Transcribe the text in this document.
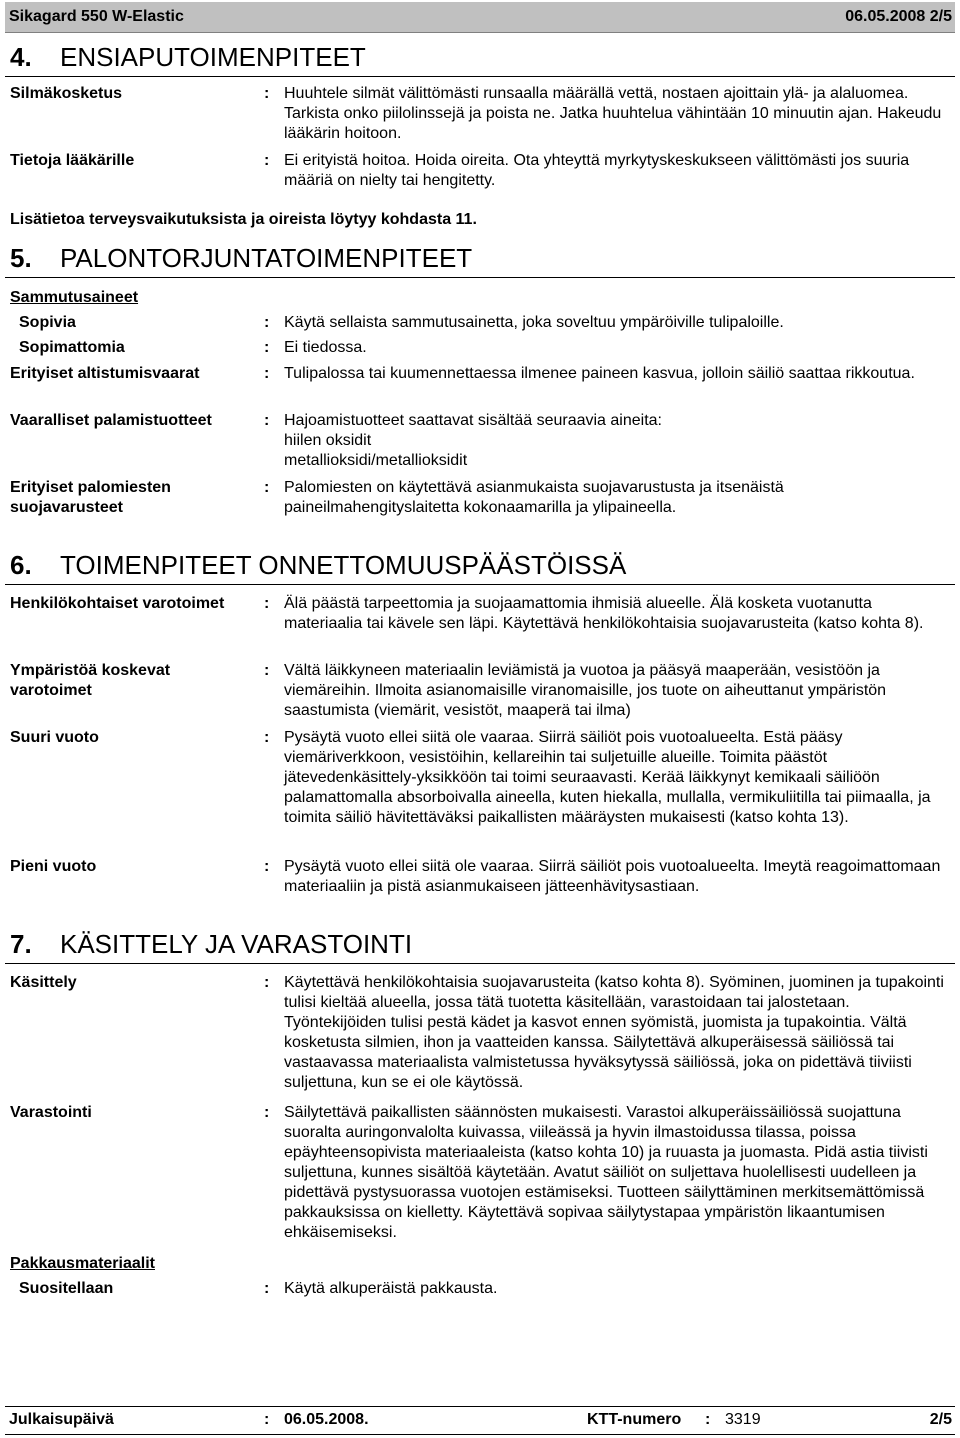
Sikagard 550 W-Elastic	06.05.2008 2/5
4. ENSIAPUTOIMENPITEET
Silmäkosketus	: Huuhtele silmät välittömästi runsaalla määrällä vettä, nostaen ajoittain ylä- ja alaluomea. Tarkista onko piilolinssejä ja poista ne. Jatka huuhtelua vähintään 10 minuutin ajan. Hakeudu lääkärin hoitoon.
Tietoja lääkärille	: Ei erityistä hoitoa. Hoida oireita. Ota yhteyttä myrkytyskeskukseen välittömästi jos suuria määriä on nielty tai hengitetty.
Lisätietoa terveysvaikutuksista ja oireista löytyy kohdasta 11.
5. PALONTORJUNTATOIMENPITEET
Sammutusaineet
Sopivia	: Käytä sellaista sammutusainetta, joka soveltuu ympäröiville tulipaloille.
Sopimattomia	: Ei tiedossa.
Erityiset altistumisvaarat	: Tulipalossa tai kuumennettaessa ilmenee paineen kasvua, jolloin säiliö saattaa rikkoutua.
Vaaralliset palamistuotteet	: Hajoamistuotteet saattavat sisältää seuraavia aineita:
hiilen oksidit
metallioksidi/metallioksidit
Erityiset palomiesten
suojavarusteet
: Palomiesten on käytettävä asianmukaista suojavarustusta ja itsenäistä paineilmahengityslaitetta kokonaamarilla ja ylipaineella.
6. TOIMENPITEET ONNETTOMUUSPÄÄSTÖISSÄ
Henkilökohtaiset varotoimet	: Älä päästä tarpeettomia ja suojaamattomia ihmisiä alueelle. Älä kosketa vuotanutta materiaalia tai kävele sen läpi. Käytettävä henkilökohtaisia suojavarusteita (katso kohta 8).
Ympäristöä koskevat
varotoimet
: Vältä läikkyneen materiaalin leviämistä ja vuotoa ja pääsyä maaperään, vesistöön ja viemäreihin. Ilmoita asianomaisille viranomaisille, jos tuote on aiheuttanut ympäristön saastumista (viemärit, vesistöt, maaperä tai ilma)
Suuri vuoto	: Pysäytä vuoto ellei siitä ole vaaraa. Siirrä säiliöt pois vuotoalueelta. Estä pääsy viemäriverkkoon, vesistöihin, kellareihin tai suljetuille alueille. Toimita päästöt jätevedenkäsittely-yksikköön tai toimi seuraavasti. Kerää läikkynyt kemikaali säiliöön palamattomalla absorboivalla aineella, kuten hiekalla, mullalla, vermikuliitilla tai piimaalla, ja toimita säiliö hävitettäväksi paikallisten määräysten mukaisesti (katso kohta 13).
Pieni vuoto	: Pysäytä vuoto ellei siitä ole vaaraa. Siirrä säiliöt pois vuotoalueelta. Imeytä reagoimattomaan materiaaliin ja pistä asianmukaiseen jätteenhävitysastiaan.
7. KÄSITTELY JA VARASTOINTI
Käsittely	: Käytettävä henkilökohtaisia suojavarusteita (katso kohta 8). Syöminen, juominen ja tupakointi tulisi kieltää alueella, jossa tätä tuotetta käsitellään, varastoidaan tai jalostetaan. Työntekijöiden tulisi pestä kädet ja kasvot ennen syömistä, juomista ja tupakointia. Vältä kosketusta silmien, ihon ja vaatteiden kanssa. Säilytettävä alkuperäisessä säiliössä tai vastaavassa materiaalista valmistetussa hyväksytyssä säiliössä, joka on pidettävä tiiviisti suljettuna, kun se ei ole käytössä.
Varastointi	: Säilytettävä paikallisten säännösten mukaisesti. Varastoi alkuperäissäiliössä suojattuna suoralta auringonvalolta kuivassa, viileässä ja hyvin ilmastoidussa tilassa, poissa epäyhteensopivista materiaaleista (katso kohta 10) ja ruuasta ja juomasta. Pidä astia tiivisti suljettuna, kunnes sisältöä käytetään. Avatut säiliöt on suljettava huolellisesti uudelleen ja pidettävä pystysuorassa vuotojen estämiseksi. Tuotteen säilyttäminen merkitsemättömissä pakkauksissa on kielletty. Käytettävä sopivaa säilytystapaa ympäristön likaantumisen ehkäisemiseksi.
Pakkausmateriaalit
Suositellaan	: Käytä alkuperäistä pakkausta.
Julkaisupäivä	: 06.05.2008.	KTT-numero : 3319	2/5
